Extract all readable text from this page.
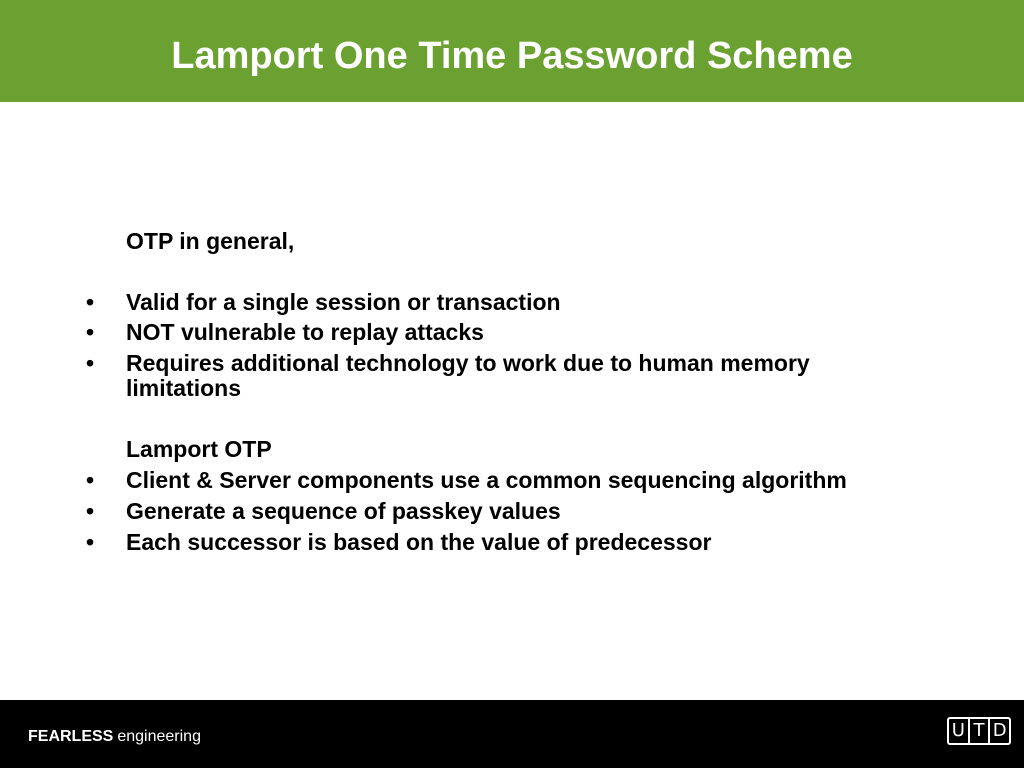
Lamport One Time Password Scheme
OTP in general,
• Valid for a single session or transaction
• NOT vulnerable to replay attacks
• Requires additional technology to work due to human memory
limitations
Lamport OTP
• Client & Server components use a common sequencing algorithm
• Generate a sequence of passkey values
• Each successor is based on the value of predecessor
FEARLESS engineering	U T D
